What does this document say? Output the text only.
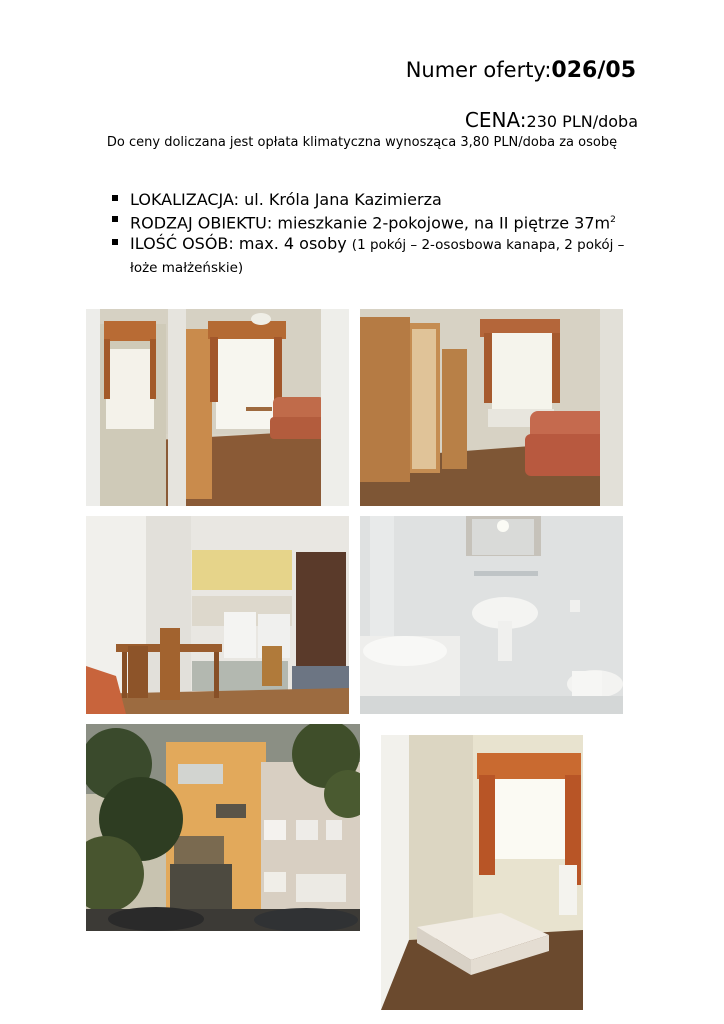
Numer oferty:026/05
CENA:230 PLN/doba
Do ceny doliczana jest opłata klimatyczna wynosząca 3,80 PLN/doba za osobę
LOKALIZACJA: ul. Króla Jana Kazimierza
RODZAJ OBIEKTU: mieszkanie 2-pokojowe, na II piętrze $37m^2$
ILOŚĆ OSÓB: max. 4 osoby (1 pokój – 2-ososbowa kanapa, 2 pokój – łoże małżeńskie)
